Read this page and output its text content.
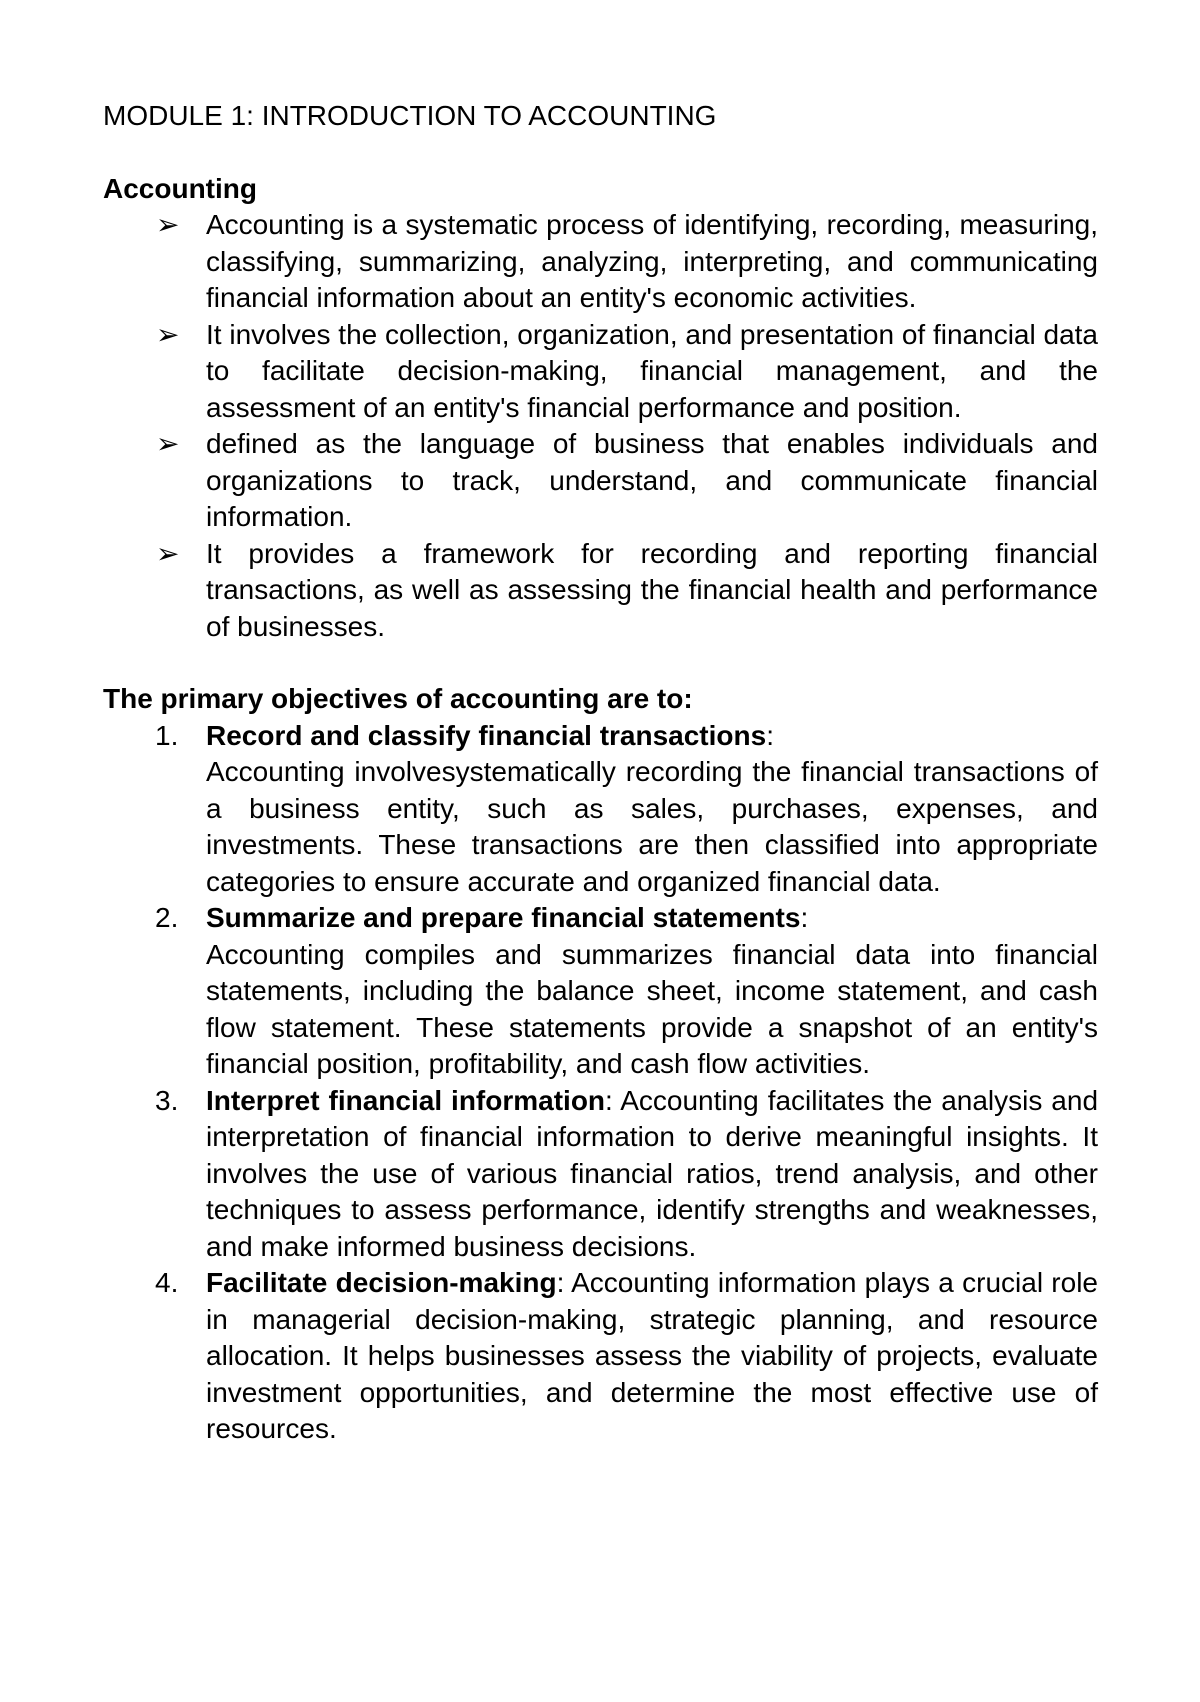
MODULE 1: INTRODUCTION TO ACCOUNTING
Accounting
➢ Accounting is a systematic process of identifying, recording, measuring, classifying, summarizing, analyzing, interpreting, and communicating financial information about an entity's economic activities.
➢ It involves the collection, organization, and presentation of financial data to facilitate decision-making, financial management, and the assessment of an entity's financial performance and position.
➢ defined as the language of business that enables individuals and organizations to track, understand, and communicate financial information.
➢ It provides a framework for recording and reporting financial transactions, as well as assessing the financial health and performance of businesses.
The primary objectives of accounting are to:
1. Record and classify financial transactions:
Accounting involvesystematically recording the financial transactions of a business entity, such as sales, purchases, expenses, and investments. These transactions are then classified into appropriate categories to ensure accurate and organized financial data.
2. Summarize and prepare financial statements:
Accounting compiles and summarizes financial data into financial statements, including the balance sheet, income statement, and cash flow statement. These statements provide a snapshot of an entity's financial position, profitability, and cash flow activities.
3. Interpret financial information: Accounting facilitates the analysis and interpretation of financial information to derive meaningful insights. It involves the use of various financial ratios, trend analysis, and other techniques to assess performance, identify strengths and weaknesses, and make informed business decisions.
4. Facilitate decision-making: Accounting information plays a crucial role in managerial decision-making, strategic planning, and resource allocation. It helps businesses assess the viability of projects, evaluate investment opportunities, and determine the most effective use of resources.
